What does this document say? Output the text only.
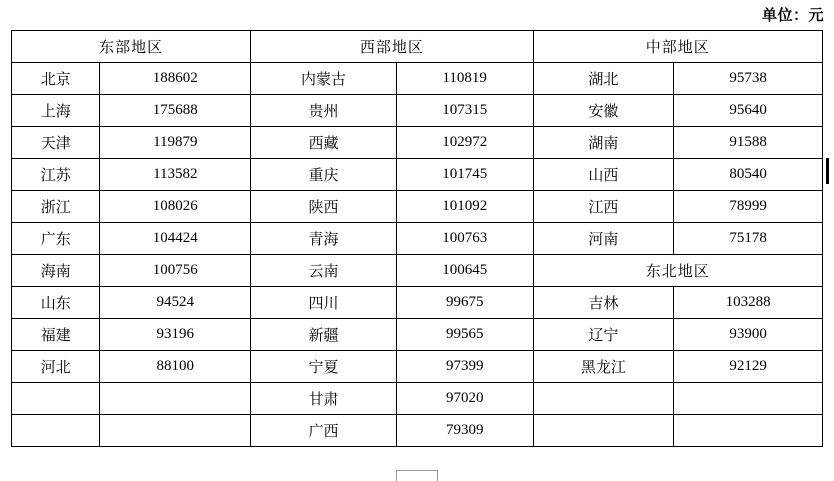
单位：元
东部地区		西部地区		中部地区	
北京	188602	内蒙古	110819	湖北	95738
上海	175688	贵州	107315	安徽	95640
天津	119879	西藏	102972	湖南	91588
江苏	113582	重庆	101745	山西	80540
浙江	108026	陕西	101092	江西	78999
广东	104424	青海	100763	河南	75178
海南	100756	云南	100645	东北地区	
山东	94524	四川	99675	吉林	103288
福建	93196	新疆	99565	辽宁	93900
河北	88100	宁夏	97399	黑龙江	92129
		甘肃	97020		
		广西	79309		
